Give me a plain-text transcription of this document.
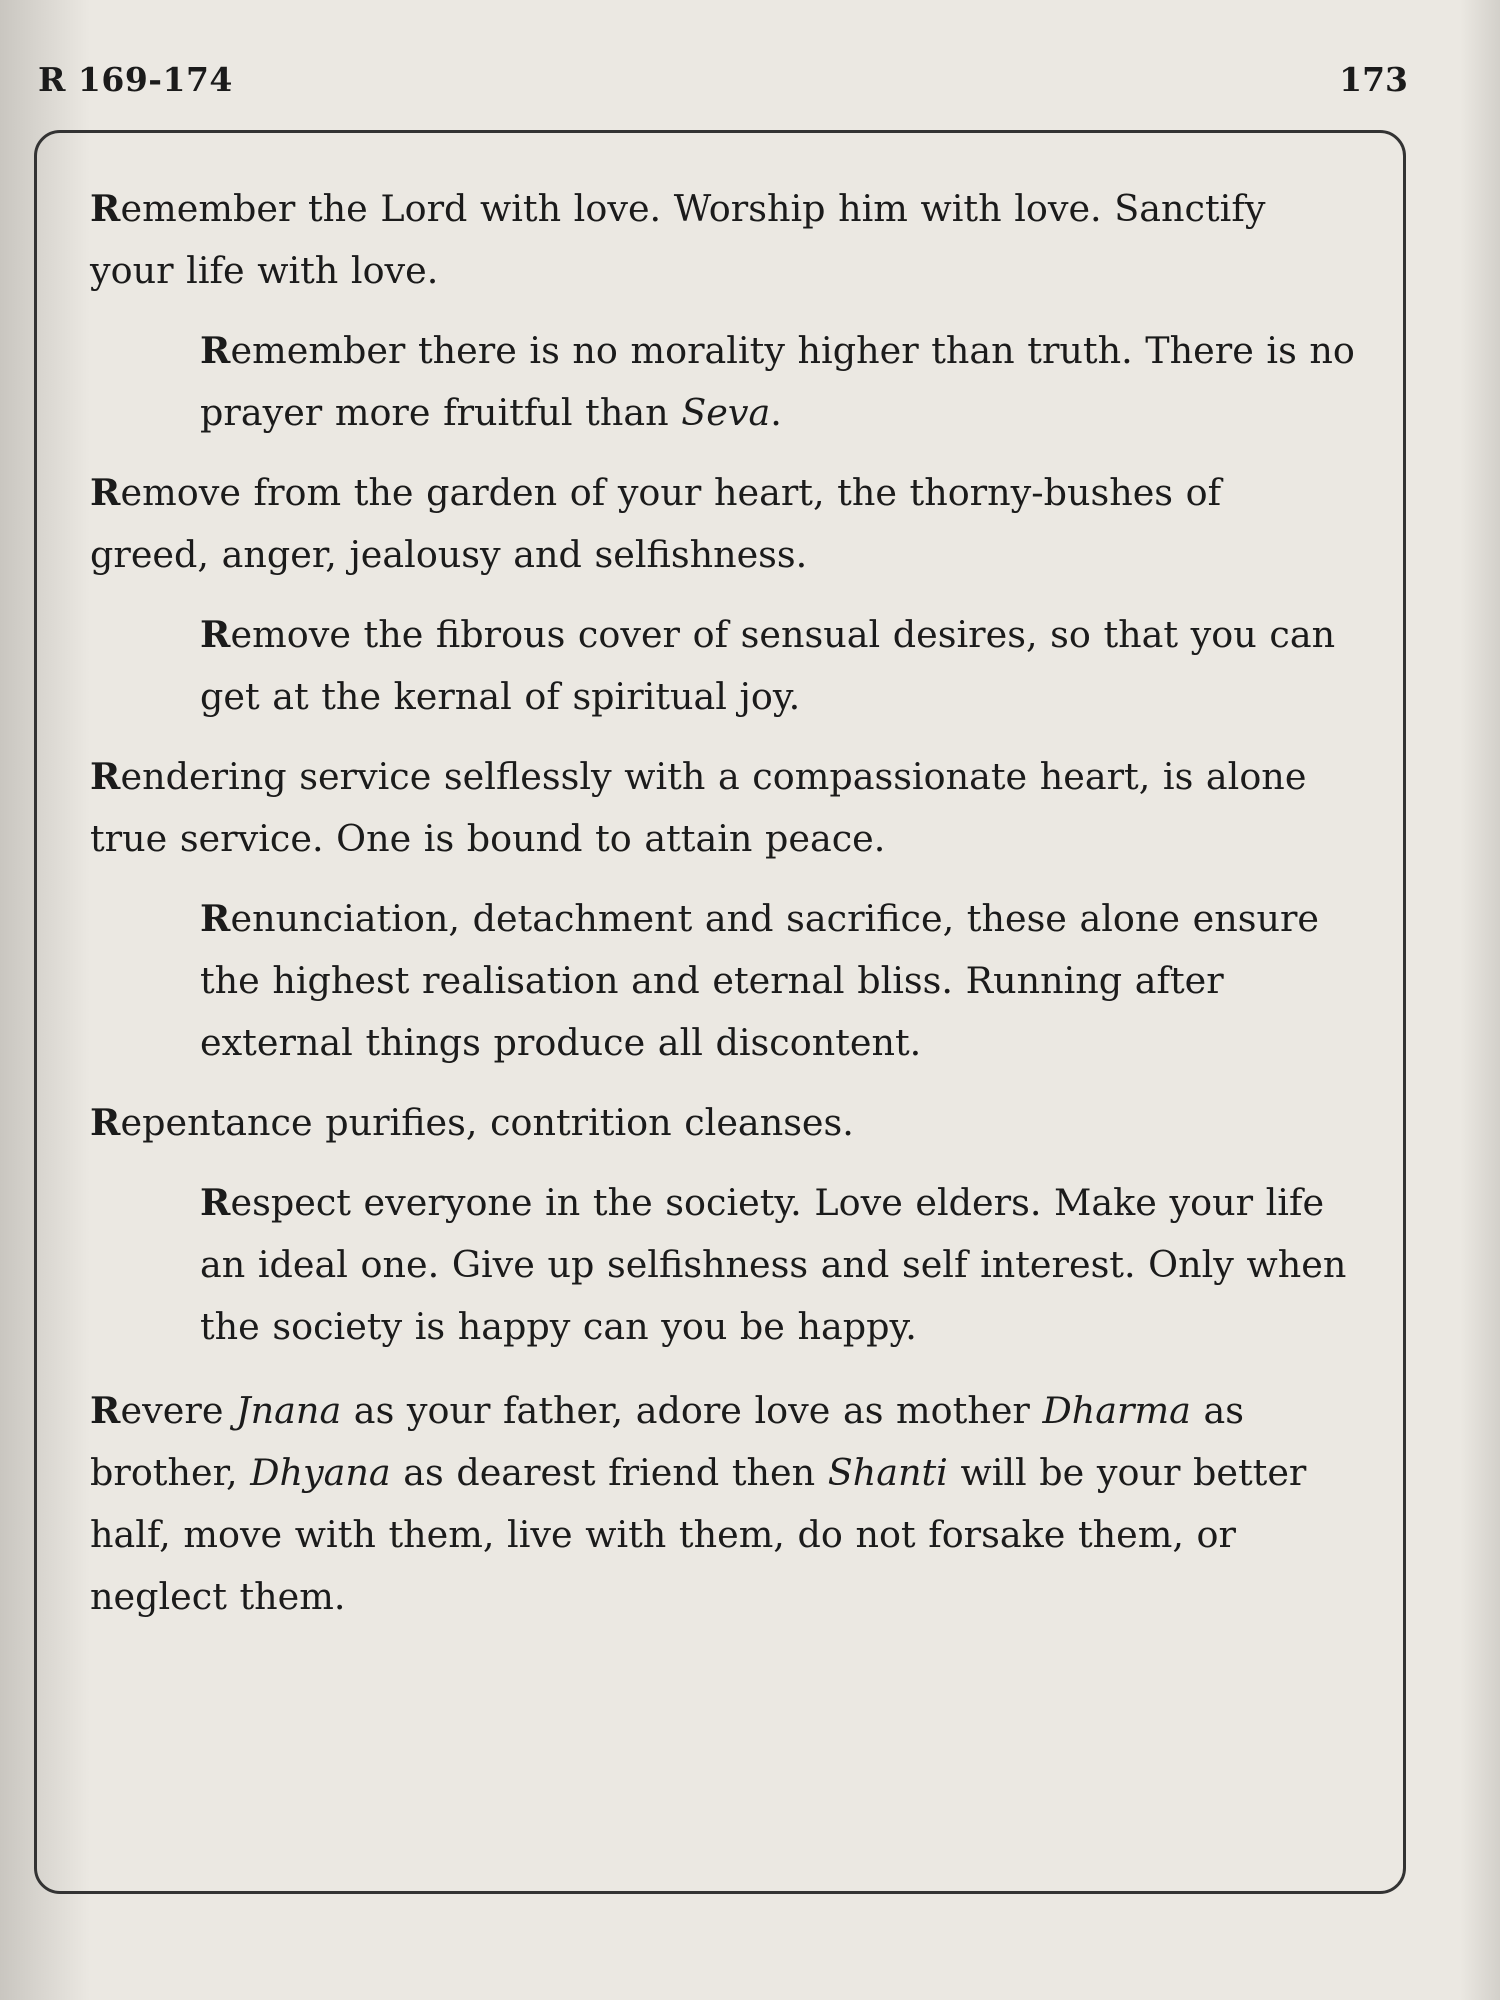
R 169-174	173

Remember the Lord with love. Worship him with love. Sanctify your life with love.

Remember there is no morality higher than truth. There is no prayer more fruitful than Seva.

Remove from the garden of your heart, the thorny-bushes of greed, anger, jealousy and selfishness.

Remove the fibrous cover of sensual desires, so that you can get at the kernal of spiritual joy.

Rendering service selflessly with a compassionate heart, is alone true service. One is bound to attain peace.

Renunciation, detachment and sacrifice, these alone ensure the highest realisation and eternal bliss. Running after external things produce all discontent.

Repentance purifies, contrition cleanses.

Respect everyone in the society. Love elders. Make your life an ideal one. Give up selfishness and self interest. Only when the society is happy can you be happy.

Revere Jnana as your father, adore love as mother Dharma as brother, Dhyana as dearest friend then Shanti will be your better half, move with them, live with them, do not forsake them, or neglect them.
